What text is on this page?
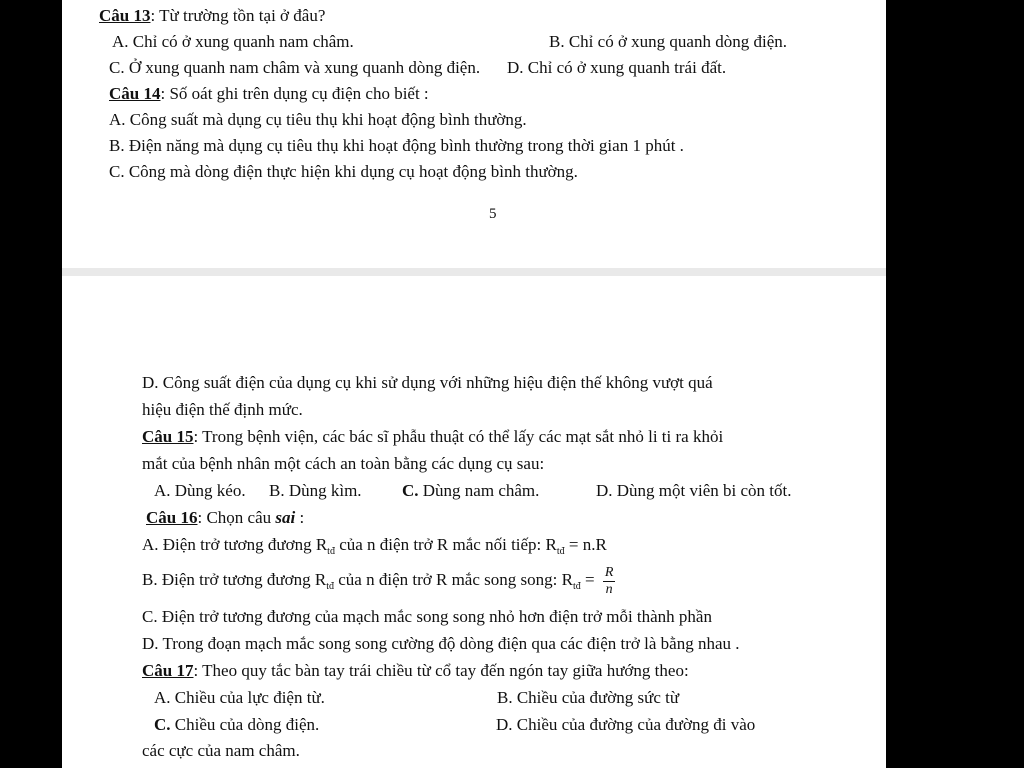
Câu 13: Từ trường tồn tại ở đâu?
A. Chỉ có ở xung quanh nam châm.	B. Chỉ có ở xung quanh dòng điện.
C. Ở xung quanh nam châm và xung quanh dòng điện. D. Chỉ có ở xung quanh trái đất.
Câu 14: Số oát ghi trên dụng cụ điện cho biết :
A. Công suất mà dụng cụ tiêu thụ khi hoạt động bình thường.
B. Điện năng mà dụng cụ tiêu thụ khi hoạt động bình thường trong thời gian 1 phút .
C. Công mà dòng điện thực hiện khi dụng cụ hoạt động bình thường.
5
D. Công suất điện của dụng cụ khi sử dụng với những hiệu điện thế không vượt quá
hiệu điện thế định mức.
Câu 15: Trong bệnh viện, các bác sĩ phẫu thuật có thể lấy các mạt sắt nhỏ li ti ra khỏi
mắt của bệnh nhân một cách an toàn bằng các dụng cụ sau:
A. Dùng kéo. B. Dùng kìm. C. Dùng nam châm.	D. Dùng một viên bi còn tốt.
Câu 16: Chọn câu sai :
A. Điện trở tương đương $R_{tđ}$ của n điện trở R mắc nối tiếp: $R_{tđ} = n.R$
B. Điện trở tương đương $R_{tđ}$ của n điện trở R mắc song song: $R_{tđ} = \frac{R}{n}$
C. Điện trở tương đương của mạch mắc song song nhỏ hơn điện trở mỗi thành phần
D. Trong đoạn mạch mắc song song cường độ dòng điện qua các điện trở là bằng nhau .
Câu 17: Theo quy tắc bàn tay trái chiều từ cổ tay đến ngón tay giữa hướng theo:
A. Chiều của lực điện từ.	B. Chiều của đường sức từ
C. Chiều của dòng điện.	D. Chiều của đường của đường đi vào
các cực của nam châm.
